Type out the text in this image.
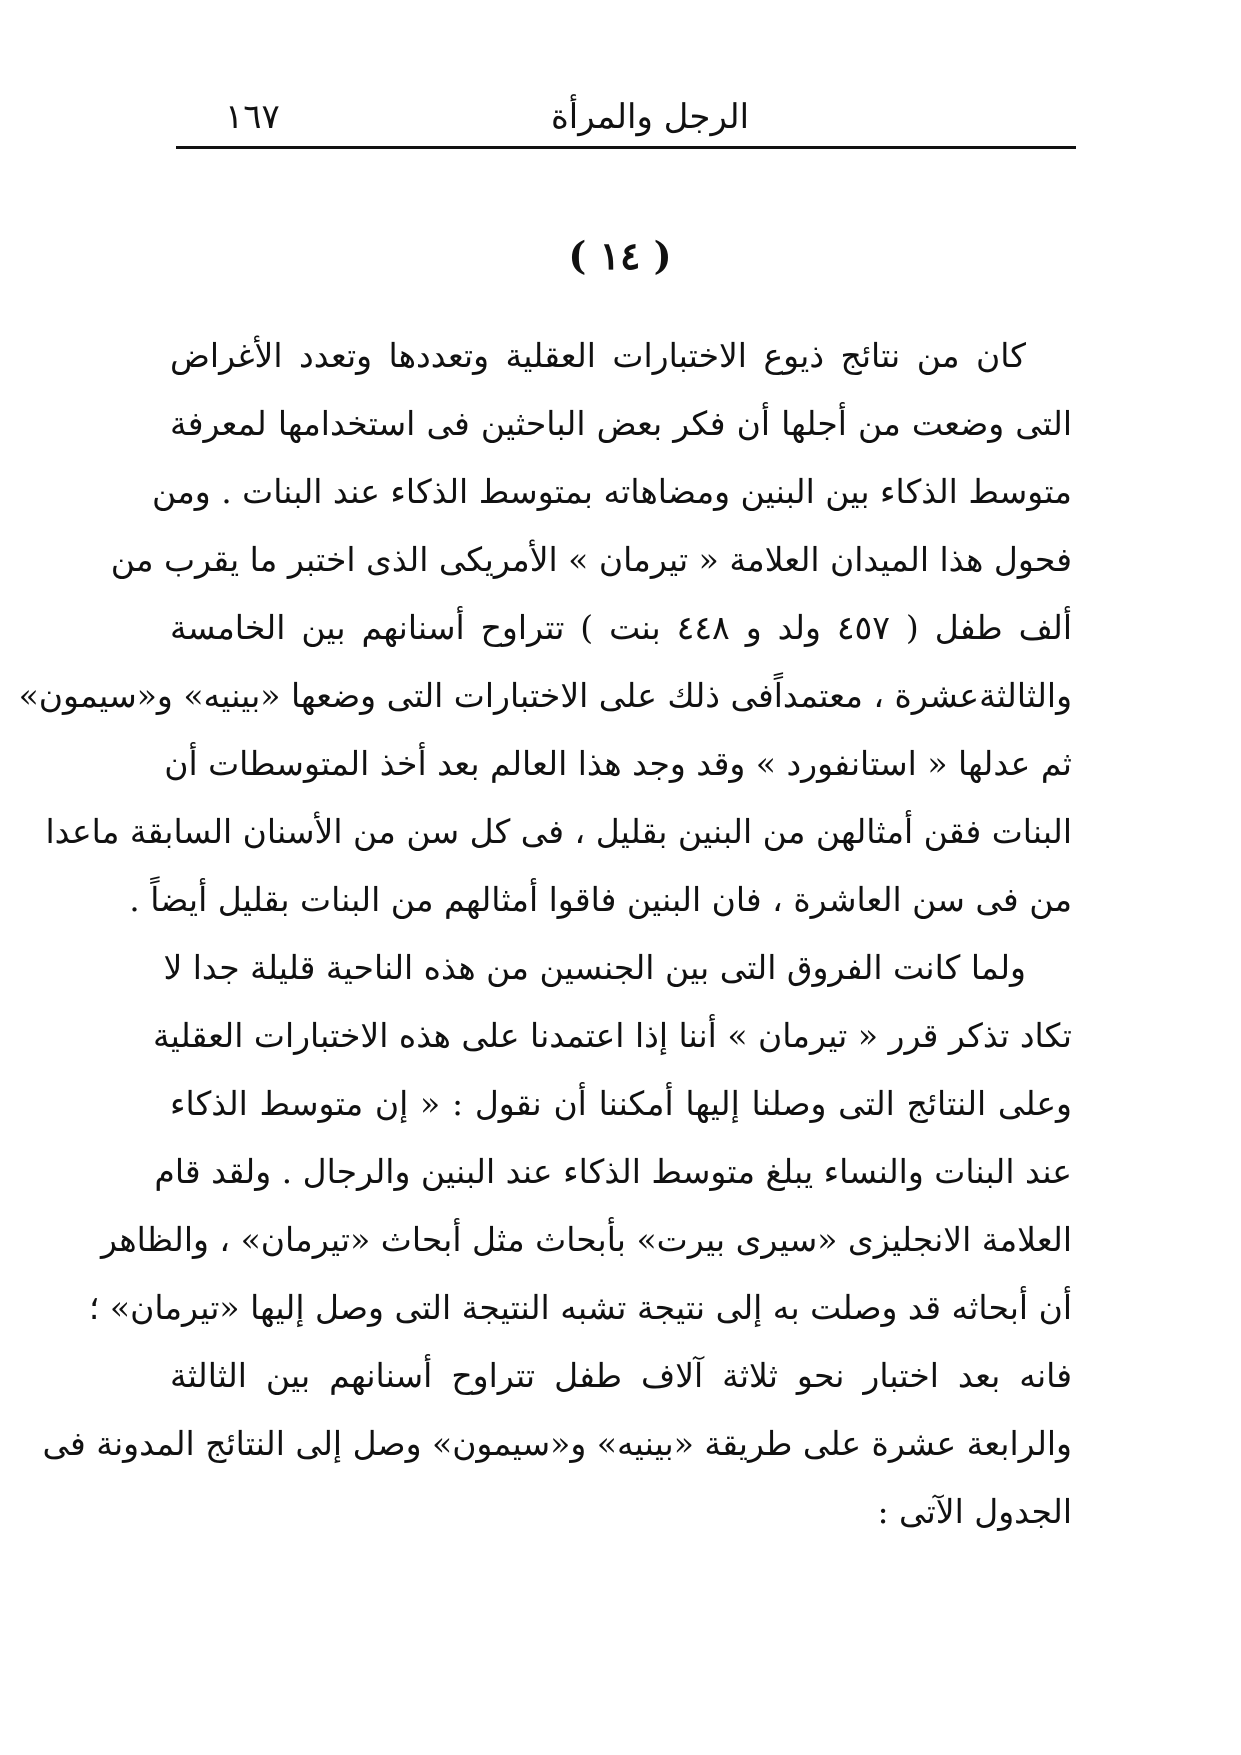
١٦٧	الرجل والمرأة
( ١٤ )
كان من نتائج ذيوع الاختبارات العقلية وتعددها وتعدد الأغراض
التى وضعت من أجلها أن فكر بعض الباحثين فى استخدامها لمعرفة
متوسط الذكاء بين البنين ومضاهاته بمتوسط الذكاء عند البنات . ومن
فحول هذا الميدان العلامة « تيرمان » الأمريكى الذى اختبر ما يقرب من
ألف طفل ( ٤٥٧ ولد و ٤٤٨ بنت ) تتراوح أسنانهم بين الخامسة
والثالثةعشرة ، معتمداًفى ذلك على الاختبارات التى وضعها «بينيه» و«سيمون»
ثم عدلها « استانفورد » وقد وجد هذا العالم بعد أخذ المتوسطات أن
البنات فقن أمثالهن من البنين بقليل ، فى كل سن من الأسنان السابقة ماعدا
من فى سن العاشرة ، فان البنين فاقوا أمثالهم من البنات بقليل أيضاً .
ولما كانت الفروق التى بين الجنسين من هذه الناحية قليلة جدا لا
تكاد تذكر قرر « تيرمان » أننا إذا اعتمدنا على هذه الاختبارات العقلية
وعلى النتائج التى وصلنا إليها أمكننا أن نقول : « إن متوسط الذكاء
عند البنات والنساء يبلغ متوسط الذكاء عند البنين والرجال . ولقد قام
العلامة الانجليزى «سيرى بيرت» بأبحاث مثل أبحاث «تيرمان» ، والظاهر
أن أبحاثه قد وصلت به إلى نتيجة تشبه النتيجة التى وصل إليها «تيرمان» ؛
فانه بعد اختبار نحو ثلاثة آلاف طفل تتراوح أسنانهم بين الثالثة
والرابعة عشرة على طريقة «بينيه» و«سيمون» وصل إلى النتائج المدونة فى
الجدول الآتى :
